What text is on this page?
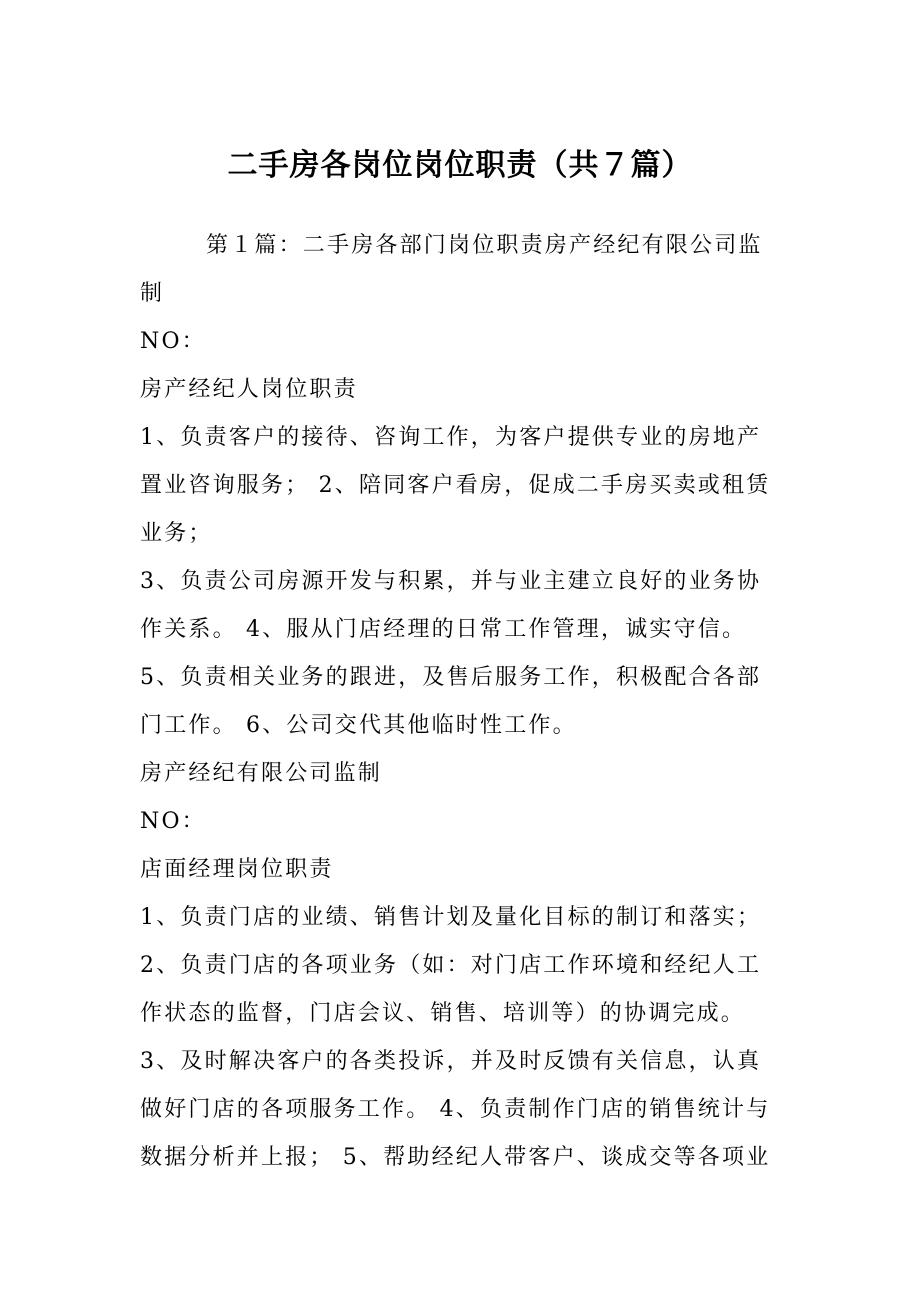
二手房各岗位岗位职责（共７篇）
第１篇：二手房各部门岗位职责房产经纪有限公司监
制
NO：
房产经纪人岗位职责
1、负责客户的接待、咨询工作，为客户提供专业的房地产
置业咨询服务； 2、陪同客户看房，促成二手房买卖或租赁
业务；
3、负责公司房源开发与积累，并与业主建立良好的业务协
作关系。 4、服从门店经理的日常工作管理，诚实守信。
5、负责相关业务的跟进，及售后服务工作，积极配合各部
门工作。 6、公司交代其他临时性工作。
房产经纪有限公司监制
NO：
店面经理岗位职责
1、负责门店的业绩、销售计划及量化目标的制订和落实；
2、负责门店的各项业务（如：对门店工作环境和经纪人工
作状态的监督，门店会议、销售、培训等）的协调完成。
3、及时解决客户的各类投诉，并及时反馈有关信息，认真
做好门店的各项服务工作。 4、负责制作门店的销售统计与
数据分析并上报； 5、帮助经纪人带客户、谈成交等各项业
